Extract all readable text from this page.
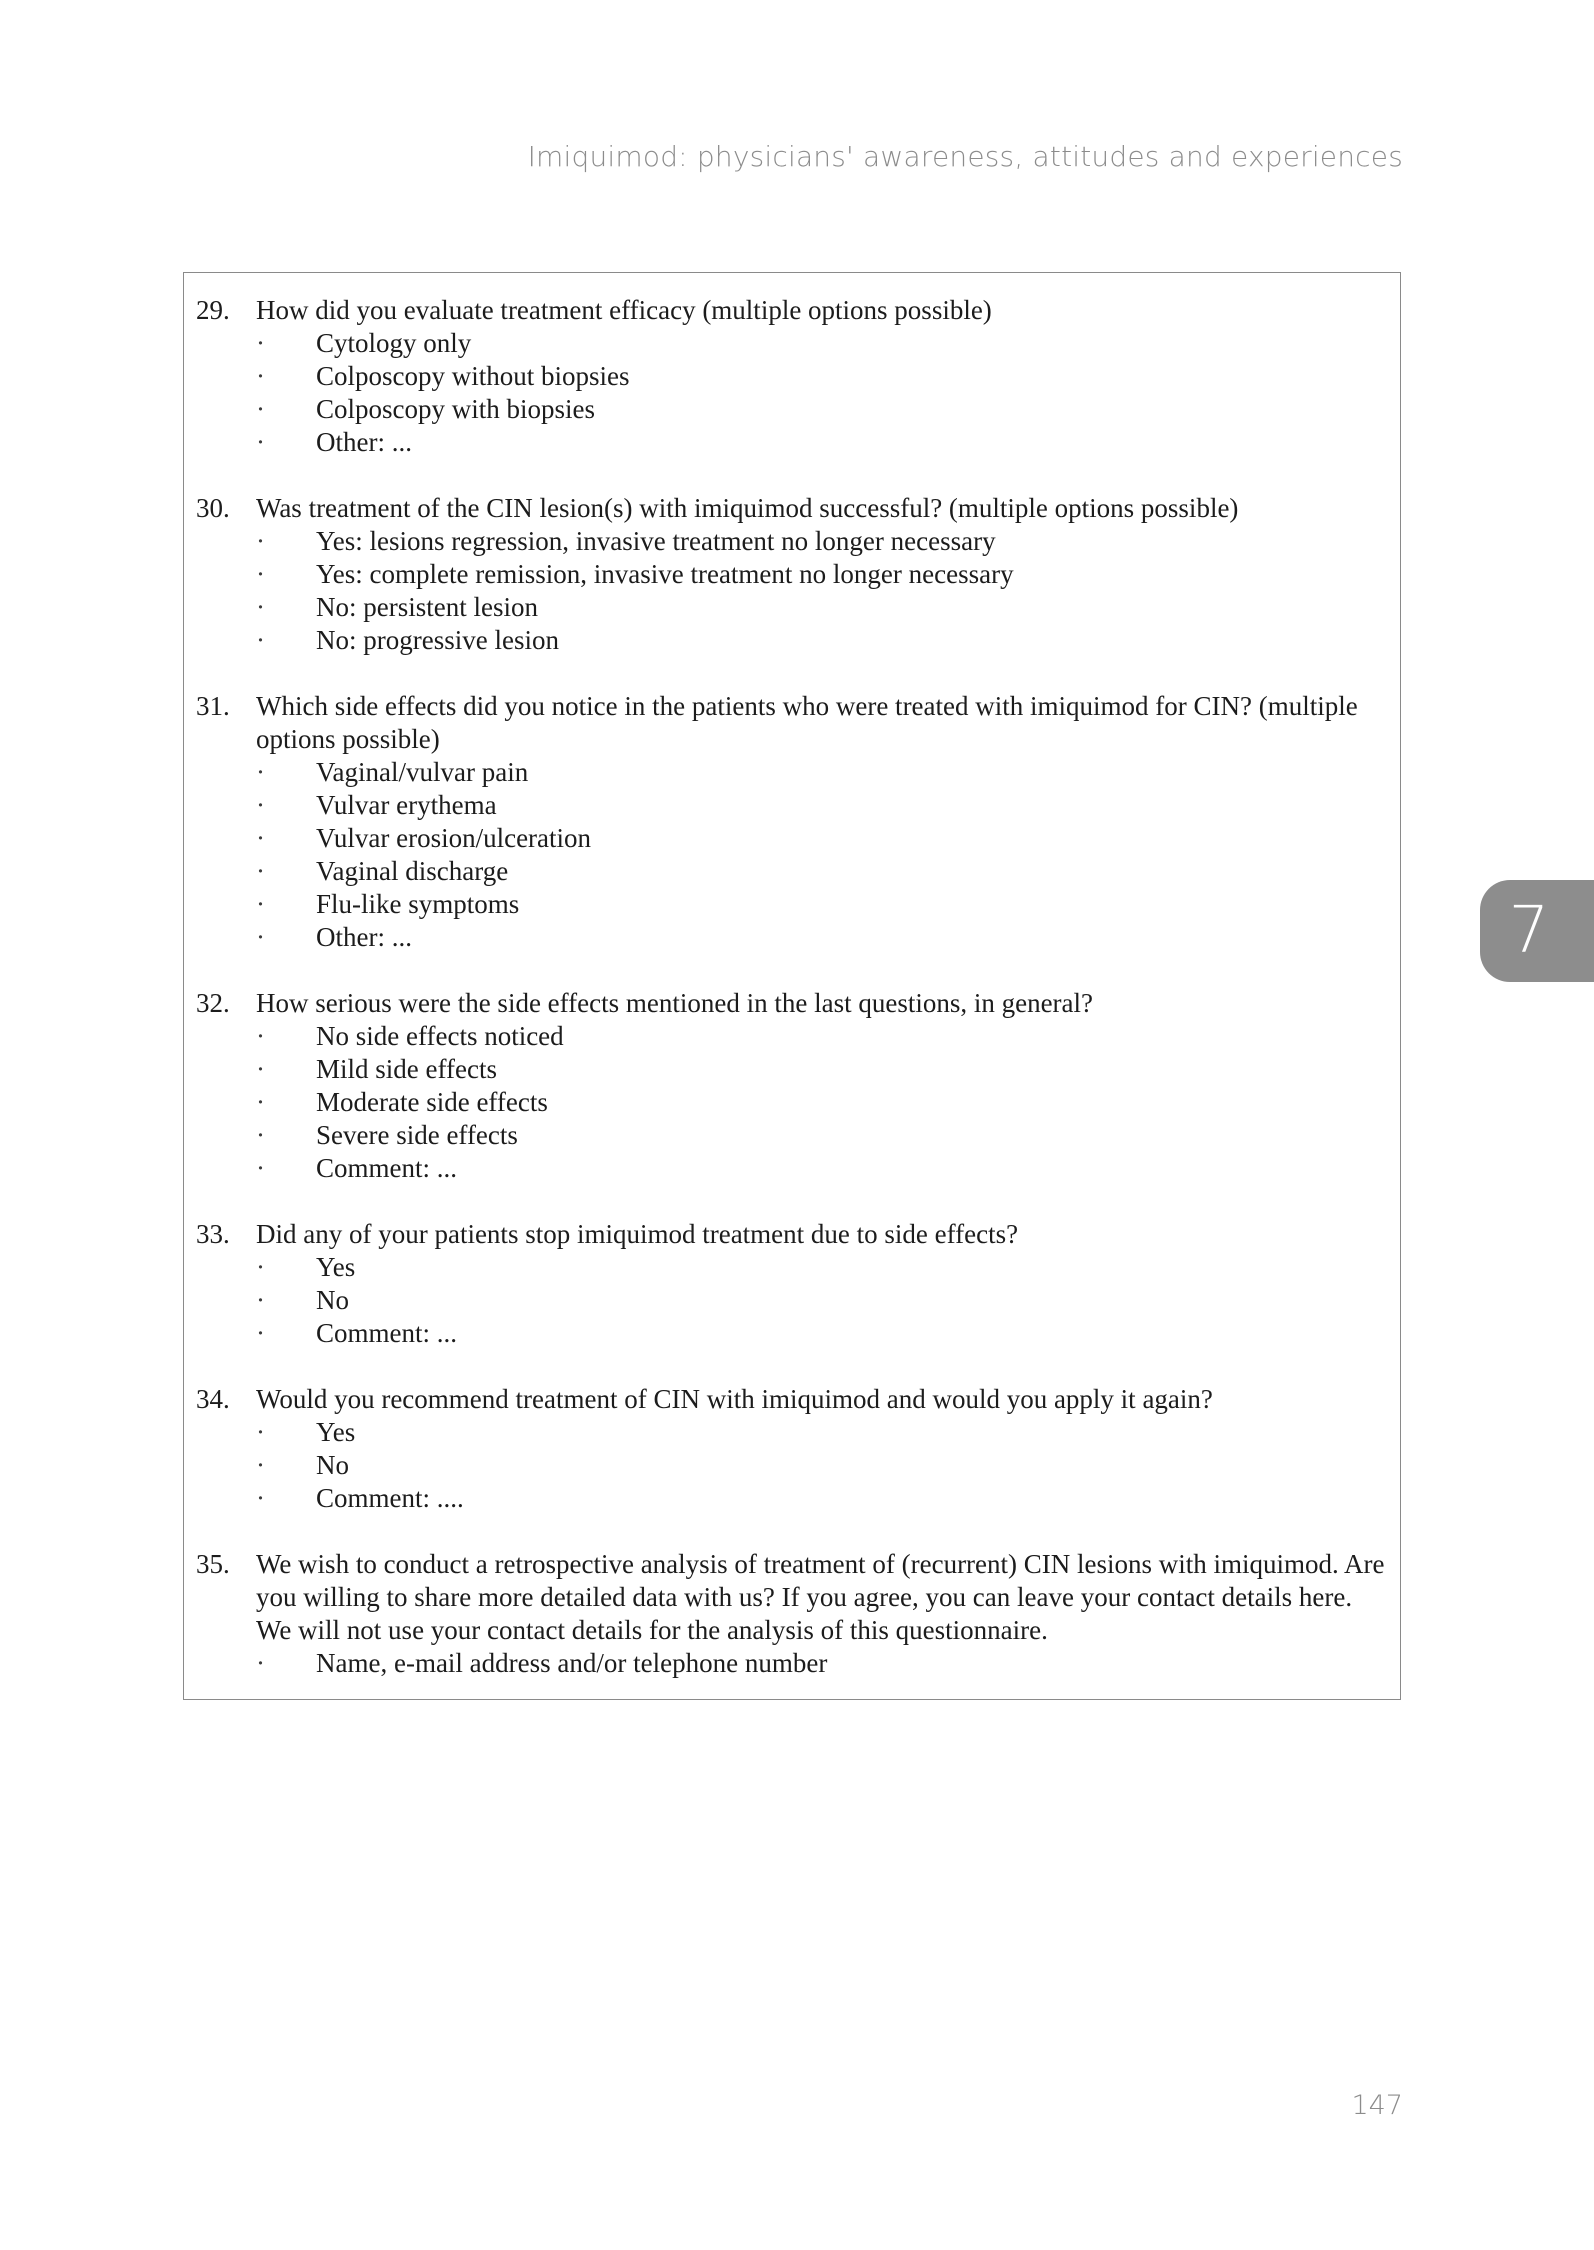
Imiquimod: physicians' awareness, attitudes and experiences
29. How did you evaluate treatment efficacy (multiple options possible)
·
Cytology only
·
Colposcopy without biopsies
·
Colposcopy with biopsies
·
Other: ...
30. Was treatment of the CIN lesion(s) with imiquimod successful? (multiple options possible)
·
Yes: lesions regression, invasive treatment no longer necessary
·
Yes: complete remission, invasive treatment no longer necessary
·
No: persistent lesion
·
No: progressive lesion
31. Which side effects did you notice in the patients who were treated with imiquimod for CIN? (multiple options possible)
·
Vaginal/vulvar pain
·
Vulvar erythema
·
Vulvar erosion/ulceration
·
Vaginal discharge
·
Flu-like symptoms
·
Other: ...
32. How serious were the side effects mentioned in the last questions, in general?
·
No side effects noticed
·
Mild side effects
·
Moderate side effects
·
Severe side effects
·
Comment: ...
33. Did any of your patients stop imiquimod treatment due to side effects?
·
Yes
·
No
·
Comment: ...
34. Would you recommend treatment of CIN with imiquimod and would you apply it again?
·
Yes
·
No
·
Comment: ....
35. We wish to conduct a retrospective analysis of treatment of (recurrent) CIN lesions with imiquimod. Are you willing to share more detailed data with us? If you agree, you can leave your contact details here. We will not use your contact details for the analysis of this questionnaire.
·
Name, e-mail address and/or telephone number
7
147
